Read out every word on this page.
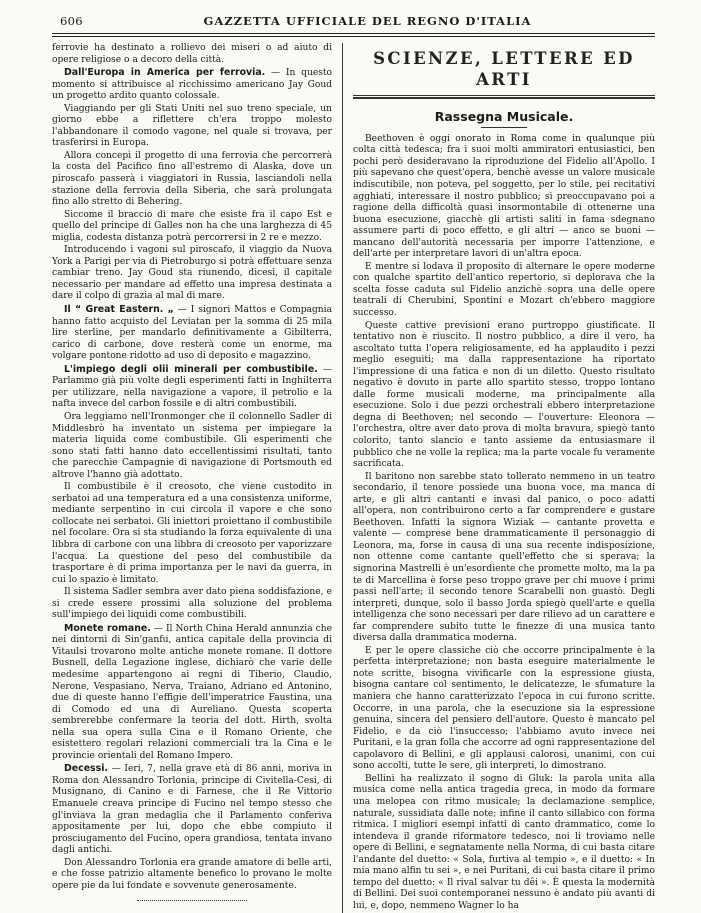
606	GAZZETTA UFFICIALE DEL REGNO D'ITALIA

ferrovie ha destinato a rollievo dei miseri o ad aiuto di opere religiose o a decoro della città.

Dall'Europa in America per ferrovia. — In questo momento si attribuisce al ricchissimo americano Jay Goud un progetto ardito quanto colossale.

Viaggiando per gli Stati Uniti nel suo treno speciale, un giorno ebbe a riflettere ch'era troppo molesto l'abbandonare il comodo vagone, nel quale si trovava, per trasferirsi in Europa.

Allora concepì il progetto di una ferrovia che percorrerà la costa del Pacifico fino all'estremo di Alaska, dove un piroscafo passerà i viaggiatori in Russia, lasciandoli nella stazione della ferrovia della Siberia, che sarà prolungata fino allo stretto di Behering.

Siccome il braccio di mare che esiste fra il capo Est e quello del principe di Galles non ha che una larghezza di 45 miglia, codesta distanza potrà percorrersi in 2 re e mezzo.

Introducendo i vagoni sul piroscafo, il viaggio da Nuova York a Parigi per via di Pietroburgo si potrà effettuare senza cambiar treno. Jay Goud sta riunendo, dicesi, il capitale necessario per mandare ad effetto una impresa destinata a dare il colpo di grazia al mal di mare.

Il “ Great Eastern. „ — I signori Mattos e Compagnia hanno fatto acquisto del Leviatan per la somma di 25 mila lire sterline, per mandarlo definitivamente a Gibilterra, carico di carbone, dove resterà come un enorme, ma volgare pontone ridotto ad uso di deposito e magazzino.

L'impiego degli olii minerali per combustibile. — Parlammo già più volte degli esperimenti fatti in Inghilterra per utilizzare, nella navigazione a vapore, il petrolio e la nafta invece del carbon fossile e di altri combustibili.

Ora leggiamo nell'Ironmonger che il colonnello Sadler di Middlesbrò ha inventato un sistema per impiegare la materia liquida come combustibile. Gli esperimenti che sono stati fatti hanno dato eccellentissimi risultati, tanto che parecchie Campagnie di navigazione di Portsmouth ed altrove l'hanno già adottato.

Il combustibile è il creosoto, che viene custodito in serbatoi ad una temperatura ed a una consistenza uniforme, mediante serpentino in cui circola il vapore e che sono collocate nei serbatoi. Gli iniettori proiettano il combustibile nel focolare. Ora si sta studiando la forza equivalente di una libbra di carbone con una libbra di creosoto per vaporizzare l'acqua. La questione del peso del combustibile da trasportare è di prima importanza per le navi da guerra, in cui lo spazio è limitato.

Il sistema Sadler sembra aver dato piena soddisfazione, e si crede essere prossimi alla soluzione del problema sull'impiego dei liquidi come combustibili.

Monete romane. — Il North China Herald annunzia che nei dintorni di Sin'ganfu, antica capitale della provincia di Vitaulsi trovarono molte antiche monete romane. Il dottore Busnell, della Legazione inglese, dichiarò che varie delle medesime appartengono ai regni di Tiberio, Claudio, Nerone, Vespasiano, Nerva, Traiano, Adriano ed Antonino, due di queste hanno l'effigie dell'imperatrice Faustina, una di Comodo ed una di Aureliano. Questa scoperta sembrerebbe confermare la teoria del dott. Hirth, svolta nella sua opera sulla Cina e il Romano Oriente, che esistettero regolari relazioni commerciali tra la Cina e le provincie orientali del Romano Impero.

Decessi. — Ieri, 7, nella grave età di 86 anni, moriva in Roma don Alessandro Torlonia, principe di Civitella-Cesi, di Musignano, di Canino e di Farnese, che il Re Vittorio Emanuele creava principe di Fucino nel tempo stesso che gl'inviava la gran medaglia che il Parlamento conferiva appositamente per lui, dopo che ebbe compiuto il prosciugamento del Fucino, opera grandiosa, tentata invano dagli antichi.

Don Alessandro Torlonia era grande amatore di belle arti, e che fosse patrizio altamente benefico lo provano le molte opere pie da lui fondate e sovvenute generosamente.

SCIENZE, LETTERE ED ARTI
Rassegna Musicale.

Beethoven è oggi onorato in Roma come in qualunque più colta città tedesca; fra i suoi molti ammiratori entusiastici, ben pochi però desideravano la riproduzione del Fidelio all'Apollo. I più sapevano che quest'opera, benchè avesse un valore musicale indiscutibile, non poteva, pel soggetto, per lo stile, pei recitativi agghiati, interessare il nostro pubblico; si preoccupavano poi a ragione della difficoltà quasi insormontabile di ottenerne una buona esecuzione, giacchè gli artisti saliti in fama sdegnano assumere parti di poco effetto, e gli altri — anco se buoni — mancano dell'autorità necessaria per imporre l'attenzione, e dell'arte per interpretare lavori di un'altra epoca.

E mentre si lodava il proposito di alternare le opere moderne con qualche spartito dell'antico repertorio, si deplorava che la scelta fosse caduta sul Fidelio anzichè sopra una delle opere teatrali di Cherubini, Spontini e Mozart ch'ebbero maggiore successo.

Queste cattive previsioni erano purtroppo giustificate. Il tentativo non è riuscito. Il nostro pubblico, a dire il vero, ha ascoltato tutta l'opera religiosamente, ed ha applaudito i pezzi meglio eseguiti; ma dalla rappresentazione ha riportato l'impressione di una fatica e non di un diletto. Questo risultato negativo è dovuto in parte allo spartito stesso, troppo lontano dalle forme musicali moderne, ma principalmente alla esecuzione. Solo i due pezzi orchestrali ebbero interpretazione degna di Beethoven; nel secondo — l'ouverture: Eleonora — l'orchestra, oltre aver dato prova di molta bravura, spiegò tanto colorito, tanto slancio e tanto assieme da entusiasmare il pubblico che ne volle la replica; ma la parte vocale fu veramente sacrificata.

Il baritono non sarebbe stato tollerato nemmeno in un teatro secondario, il tenore possiede una buona voce, ma manca di arte, e gli altri cantanti e invasi dal panico, o poco adatti all'opera, non contribuirono certo a far comprendere e gustare Beethoven. Infatti la signora Wiziak — cantante provetta e valente — comprese bene drammaticamente il personaggio di Leonora, ma, forse in causa di una sua recente indisposizione, non ottenne come cantante quell'effetto che si sperava; la signorina Mastrelli è un'esordiente che promette molto, ma la pa te di Marcellina è forse peso troppo grave per chi muove i primi passi nell'arte; il secondo tenore Scarabelli non guastò. Degli interpreti, dunque, solo il basso Jorda spiegò quell'arte e quella intelligenza che sono necessari per dare rilievo ad un carattere e far comprendere subito tutte le finezze di una musica tanto diversa dalla drammatica moderna.

E per le opere classiche ciò che occorre principalmente è la perfetta interpretazione; non basta eseguire materialmente le note scritte, bisogna vivificarle con la espressione giusta, bisogna cantare col sentimento, le delicatezze, le sfumature la maniera che hanno caratterizzato l'epoca in cui furono scritte. Occorre, in una parola, che la esecuzione sia la espressione genuina, sincera del pensiero dell'autore. Questo è mancato pel Fidelio, e da ciò l'insuccesso; l'abbiamo avuto invece nei Puritani, e la gran folla che accorre ad ogni rappresentazione del capolavoro di Bellini, e gli applausi calorosi, unanimi, con cui sono accolti, tutte le sere, gli interpreti, lo dimostrano.

Bellini ha realizzato il sogno di Gluk: la parola unita alla musica come nella antica tragedia greca, in modo da formare una melopea con ritmo musicale; la declamazione semplice, naturale, sussidiata dalle note; infine il canto sillabico con forma ritmica. I migliori esempi infatti di canto drammatico, come lo intendeva il grande riformatore tedesco, noi li troviamo nelle opere di Bellini, e segnatamente nella Norma, di cui basta citare l'andante del duetto: « Sola, furtiva al tempio », e il duetto: « In mia mano alfin tu sei », e nei Puritani, di cui basta citare il primo tempo del duetto: « Il rival salvar tu dêi ». È questa la modernità di Bellini. Dei suoi contemporanei nessuno è andato più avanti di lui, e, dopo, nemmeno Wagner lo ha
